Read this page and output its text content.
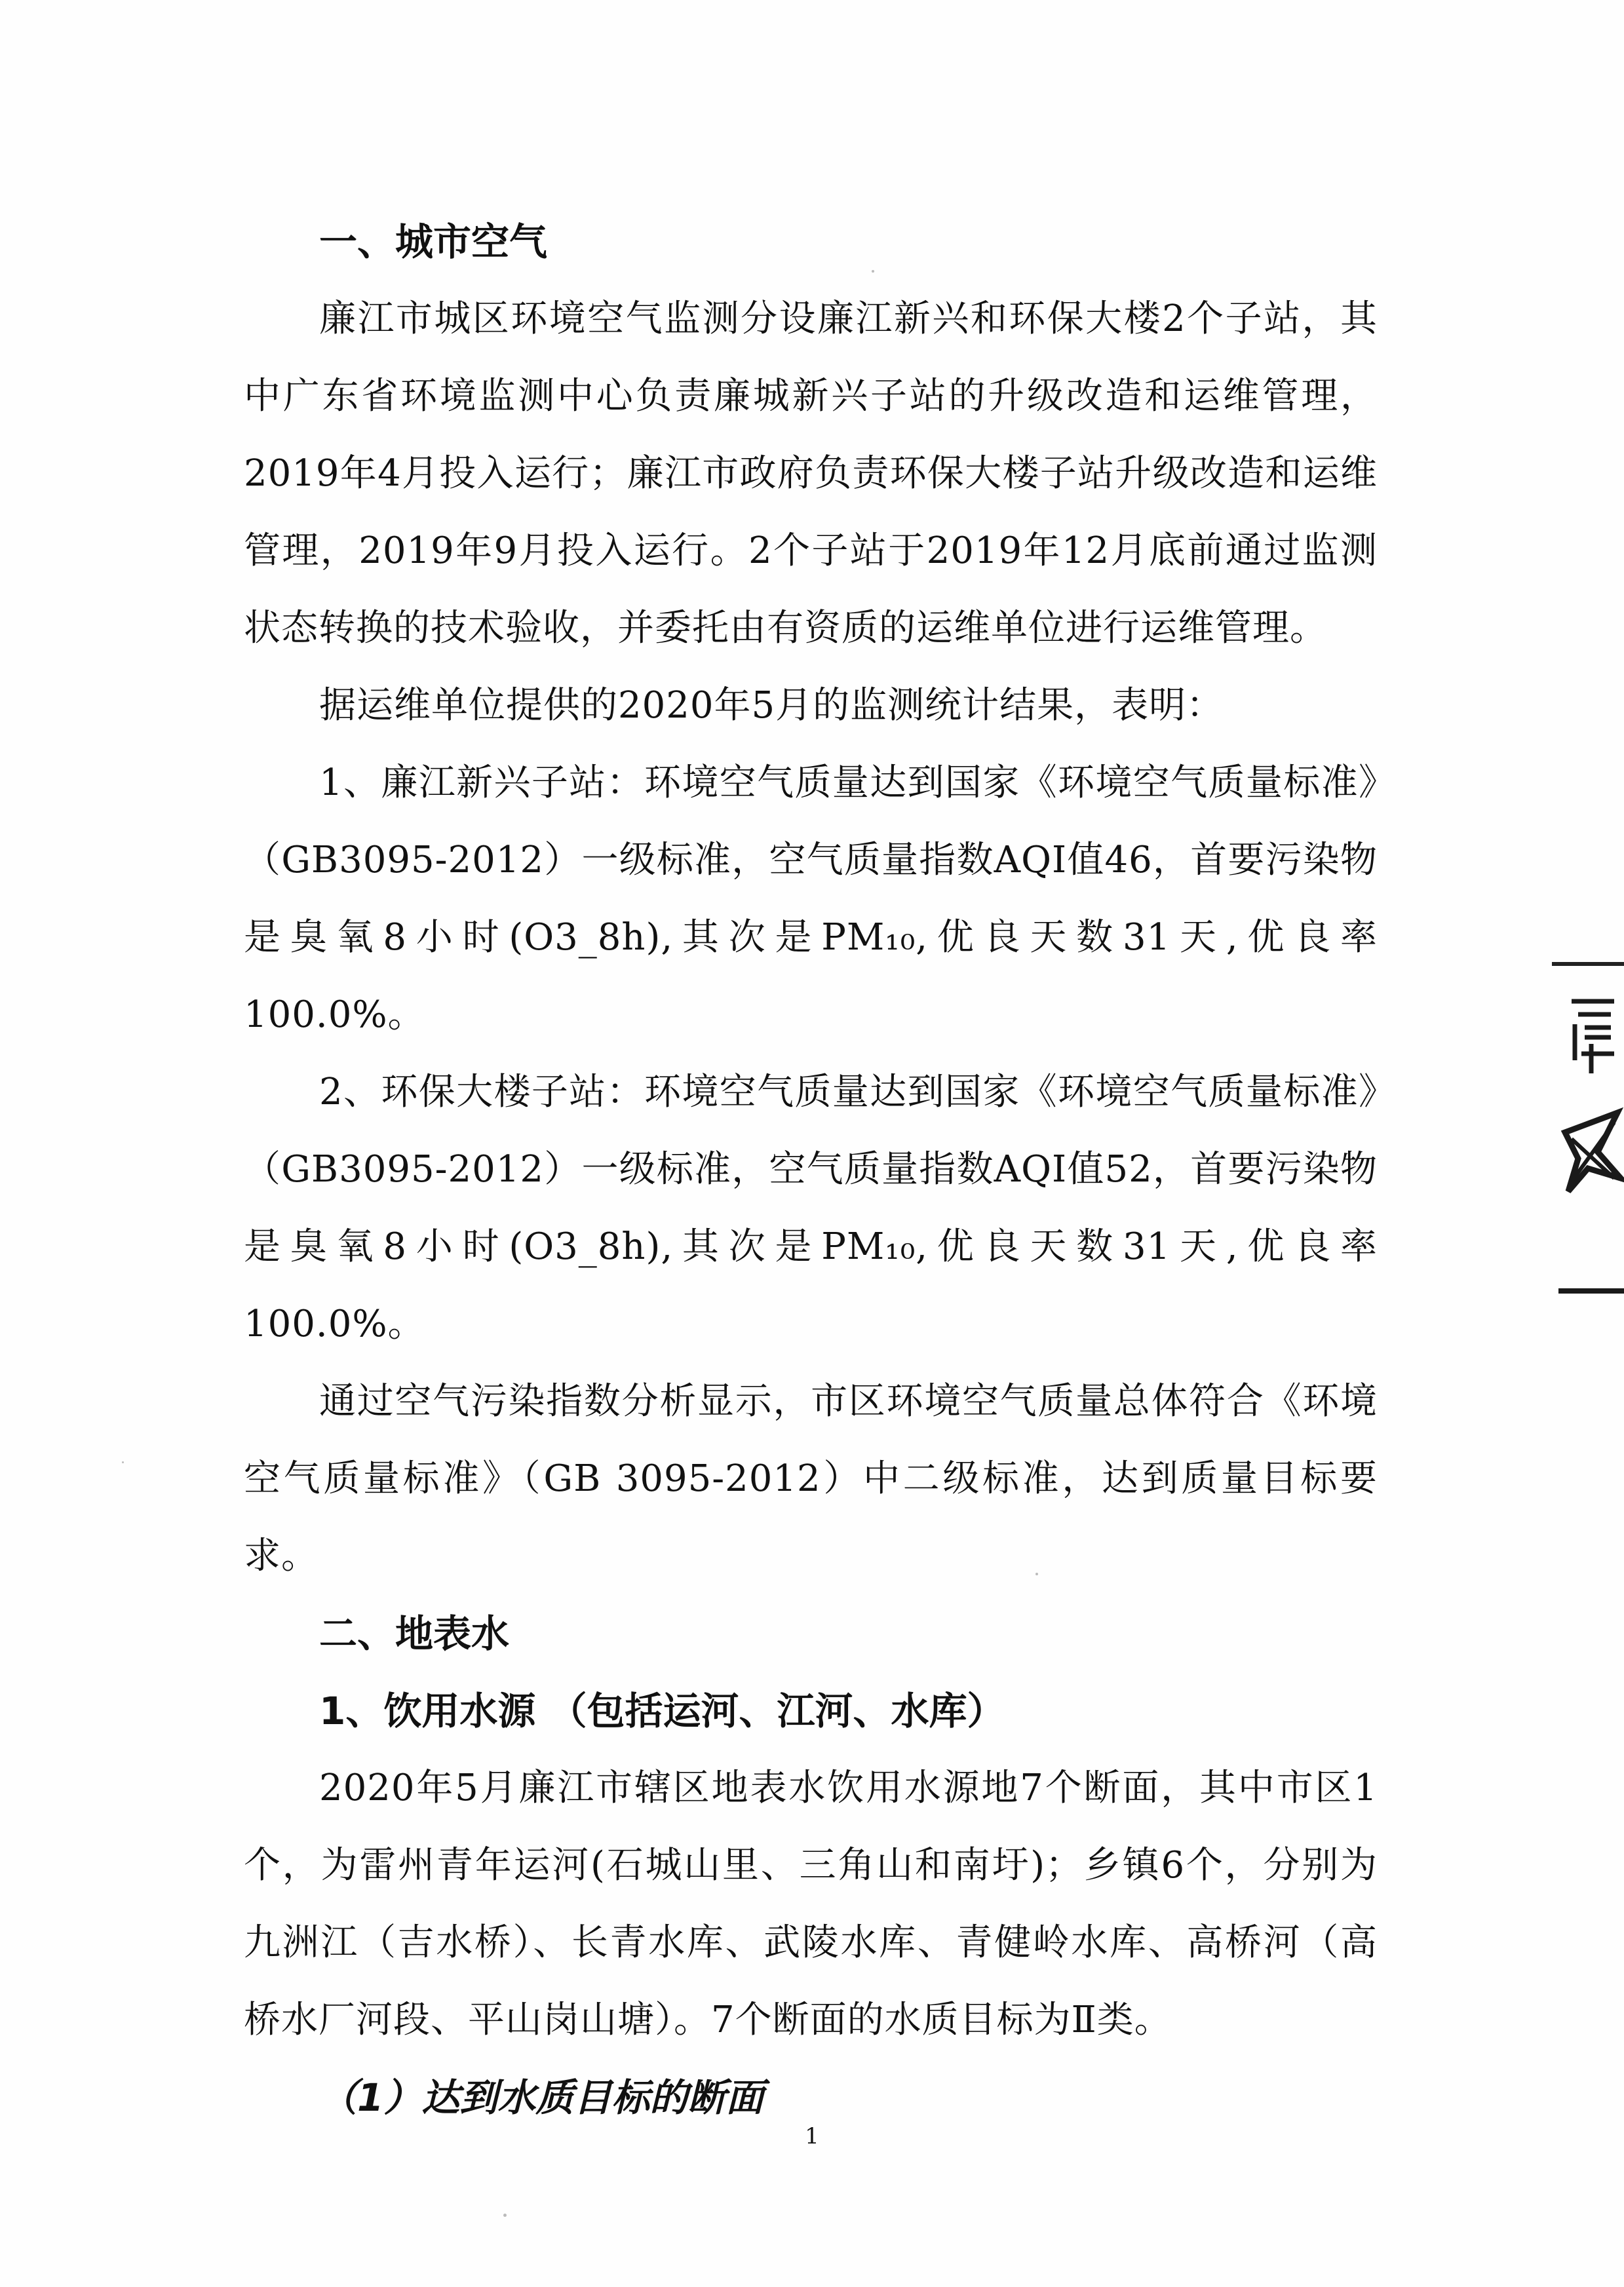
一、城市空气

廉江市城区环境空气监测分设廉江新兴和环保大楼2个子站，其中广东省环境监测中心负责廉城新兴子站的升级改造和运维管理，2019年4月投入运行；廉江市政府负责环保大楼子站升级改造和运维管理，2019年9月投入运行。2个子站于2019年12月底前通过监测状态转换的技术验收，并委托由有资质的运维单位进行运维管理。

据运维单位提供的2020年5月的监测统计结果，表明：

1、廉江新兴子站：环境空气质量达到国家《环境空气质量标准》（GB3095-2012）一级标准，空气质量指数AQI值46，首要污染物是臭氧8小时(O3_8h),其次是PM₁₀,优良天数31天,优良率100.0%。

2、环保大楼子站：环境空气质量达到国家《环境空气质量标准》（GB3095-2012）一级标准，空气质量指数AQI值52，首要污染物是臭氧8小时(O3_8h),其次是PM₁₀,优良天数31天,优良率100.0%。

通过空气污染指数分析显示，市区环境空气质量总体符合《环境空气质量标准》（GB 3095-2012）中二级标准，达到质量目标要求。

二、地表水

1、饮用水源 （包括运河、江河、水库）

2020年5月廉江市辖区地表水饮用水源地7个断面，其中市区1个，为雷州青年运河(石城山里、三角山和南圩)；乡镇6个，分别为九洲江（吉水桥）、长青水库、武陵水库、青健岭水库、高桥河（高桥水厂河段、平山岗山塘）。7个断面的水质目标为Ⅱ类。

（1）达到水质目标的断面

1
